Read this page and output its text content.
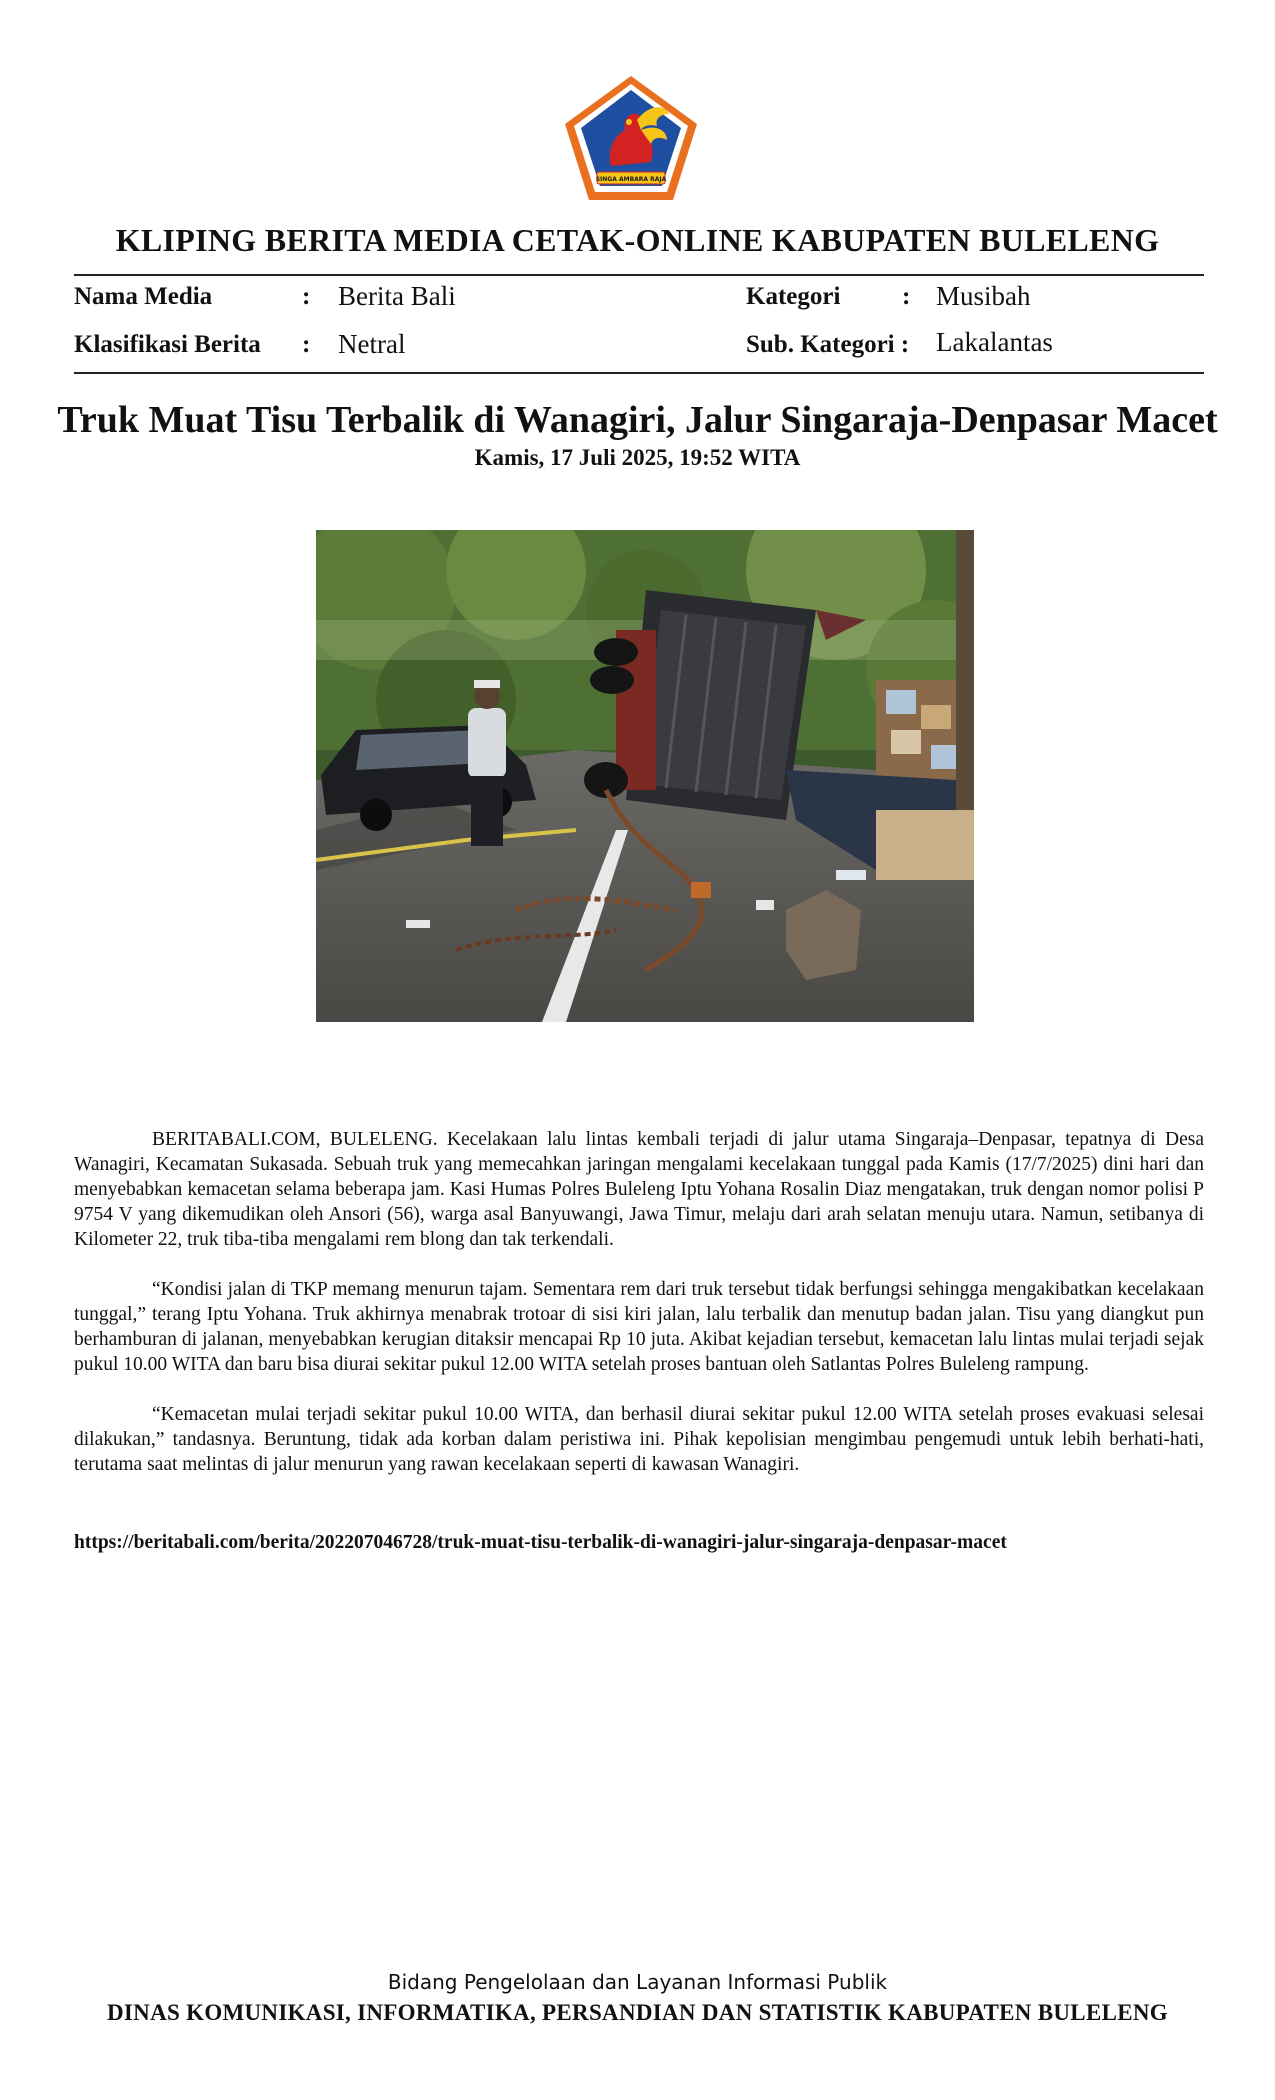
SINGA AMBARA RAJA
KLIPING BERITA MEDIA CETAK-ONLINE KABUPATEN BULELENG
Nama Media	: Berita Bali
Klasifikasi Berita : Netral
Kategori : Musibah
Sub. Kategori : Lakalantas
Truk Muat Tisu Terbalik di Wanagiri, Jalur Singaraja-Denpasar Macet
Kamis, 17 Juli 2025, 19:52 WITA

BERITABALI.COM, BULELENG. Kecelakaan lalu lintas kembali terjadi di jalur utama Singaraja–Denpasar, tepatnya di Desa Wanagiri, Kecamatan Sukasada. Sebuah truk yang memecahkan jaringan mengalami kecelakaan tunggal pada Kamis (17/7/2025) dini hari dan menyebabkan kemacetan selama beberapa jam. Kasi Humas Polres Buleleng Iptu Yohana Rosalin Diaz mengatakan, truk dengan nomor polisi P 9754 V yang dikemudikan oleh Ansori (56), warga asal Banyuwangi, Jawa Timur, melaju dari arah selatan menuju utara. Namun, setibanya di Kilometer 22, truk tiba-tiba mengalami rem blong dan tak terkendali.

“Kondisi jalan di TKP memang menurun tajam. Sementara rem dari truk tersebut tidak berfungsi sehingga mengakibatkan kecelakaan tunggal,” terang Iptu Yohana. Truk akhirnya menabrak trotoar di sisi kiri jalan, lalu terbalik dan menutup badan jalan. Tisu yang diangkut pun berhamburan di jalanan, menyebabkan kerugian ditaksir mencapai Rp 10 juta. Akibat kejadian tersebut, kemacetan lalu lintas mulai terjadi sejak pukul 10.00 WITA dan baru bisa diurai sekitar pukul 12.00 WITA setelah proses bantuan oleh Satlantas Polres Buleleng rampung.

“Kemacetan mulai terjadi sekitar pukul 10.00 WITA, dan berhasil diurai sekitar pukul 12.00 WITA setelah proses evakuasi selesai dilakukan,” tandasnya. Beruntung, tidak ada korban dalam peristiwa ini. Pihak kepolisian mengimbau pengemudi untuk lebih berhati-hati, terutama saat melintas di jalur menurun yang rawan kecelakaan seperti di kawasan Wanagiri.

https://beritabali.com/berita/202207046728/truk-muat-tisu-terbalik-di-wanagiri-jalur-singaraja-denpasar-macet
Bidang Pengelolaan dan Layanan Informasi Publik
DINAS KOMUNIKASI, INFORMATIKA, PERSANDIAN DAN STATISTIK KABUPATEN BULELENG
